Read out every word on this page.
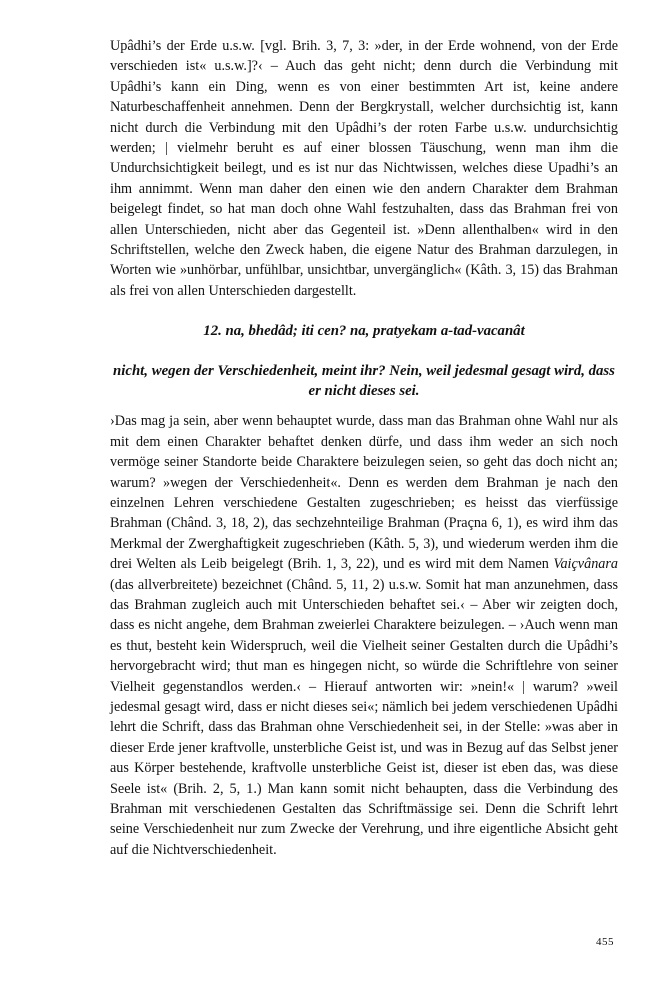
Upâdhi’s der Erde u.s.w. [vgl. Brih. 3, 7, 3: »der, in der Erde wohnend, von der Erde verschieden ist« u.s.w.]?‹ – Auch das geht nicht; denn durch die Verbindung mit Upâdhi’s kann ein Ding, wenn es von einer bestimmten Art ist, keine andere Naturbeschaffenheit annehmen. Denn der Bergkrystall, welcher durchsichtig ist, kann nicht durch die Verbindung mit den Upâdhi’s der roten Farbe u.s.w. undurchsichtig werden; | vielmehr beruht es auf einer blossen Täuschung, wenn man ihm die Undurchsichtigkeit beilegt, und es ist nur das Nichtwissen, welches diese Upadhi’s an ihm annimmt. Wenn man daher den einen wie den andern Charakter dem Brahman beigelegt findet, so hat man doch ohne Wahl festzuhalten, dass das Brahman frei von allen Unterschieden, nicht aber das Gegenteil ist. »Denn allenthalben« wird in den Schriftstellen, welche den Zweck haben, die eigene Natur des Brahman darzulegen, in Worten wie »unhörbar, unfühlbar, unsichtbar, unvergänglich« (Kâth. 3, 15) das Brahman als frei von allen Unterschieden dargestellt.

12. na, bhedâd; iti cen? na, pratyekam a-tad-vacanât
nicht, wegen der Verschiedenheit, meint ihr? Nein, weil jedesmal gesagt wird, dass er nicht dieses sei.

›Das mag ja sein, aber wenn behauptet wurde, dass man das Brahman ohne Wahl nur als mit dem einen Charakter behaftet denken dürfe, und dass ihm weder an sich noch vermöge seiner Standorte beide Charaktere beizulegen seien, so geht das doch nicht an; warum? »wegen der Verschiedenheit«. Denn es werden dem Brahman je nach den einzelnen Lehren verschiedene Gestalten zugeschrieben; es heisst das vierfüssige Brahman (Chând. 3, 18, 2), das sechzehnteilige Brahman (Praçna 6, 1), es wird ihm das Merkmal der Zwerghaftigkeit zugeschrieben (Kâth. 5, 3), und wiederum werden ihm die drei Welten als Leib beigelegt (Brih. 1, 3, 22), und es wird mit dem Namen Vaiçvânara (das allverbreitete) bezeichnet (Chând. 5, 11, 2) u.s.w. Somit hat man anzunehmen, dass das Brahman zugleich auch mit Unterschieden behaftet sei.‹ – Aber wir zeigten doch, dass es nicht angehe, dem Brahman zweierlei Charaktere beizulegen. – ›Auch wenn man es thut, besteht kein Widerspruch, weil die Vielheit seiner Gestalten durch die Upâdhi’s hervorgebracht wird; thut man es hingegen nicht, so würde die Schriftlehre von seiner Vielheit gegenstandlos werden.‹ – Hierauf antworten wir: »nein!« | warum? »weil jedesmal gesagt wird, dass er nicht dieses sei«; nämlich bei jedem verschiedenen Upâdhi lehrt die Schrift, dass das Brahman ohne Verschiedenheit sei, in der Stelle: »was aber in dieser Erde jener kraftvolle, unsterbliche Geist ist, und was in Bezug auf das Selbst jener aus Körper bestehende, kraftvolle unsterbliche Geist ist, dieser ist eben das, was diese Seele ist« (Brih. 2, 5, 1.) Man kann somit nicht behaupten, dass die Verbindung des Brahman mit verschiedenen Gestalten das Schriftmässige sei. Denn die Schrift lehrt seine Verschiedenheit nur zum Zwecke der Verehrung, und ihre eigentliche Absicht geht auf die Nichtverschiedenheit.

455
